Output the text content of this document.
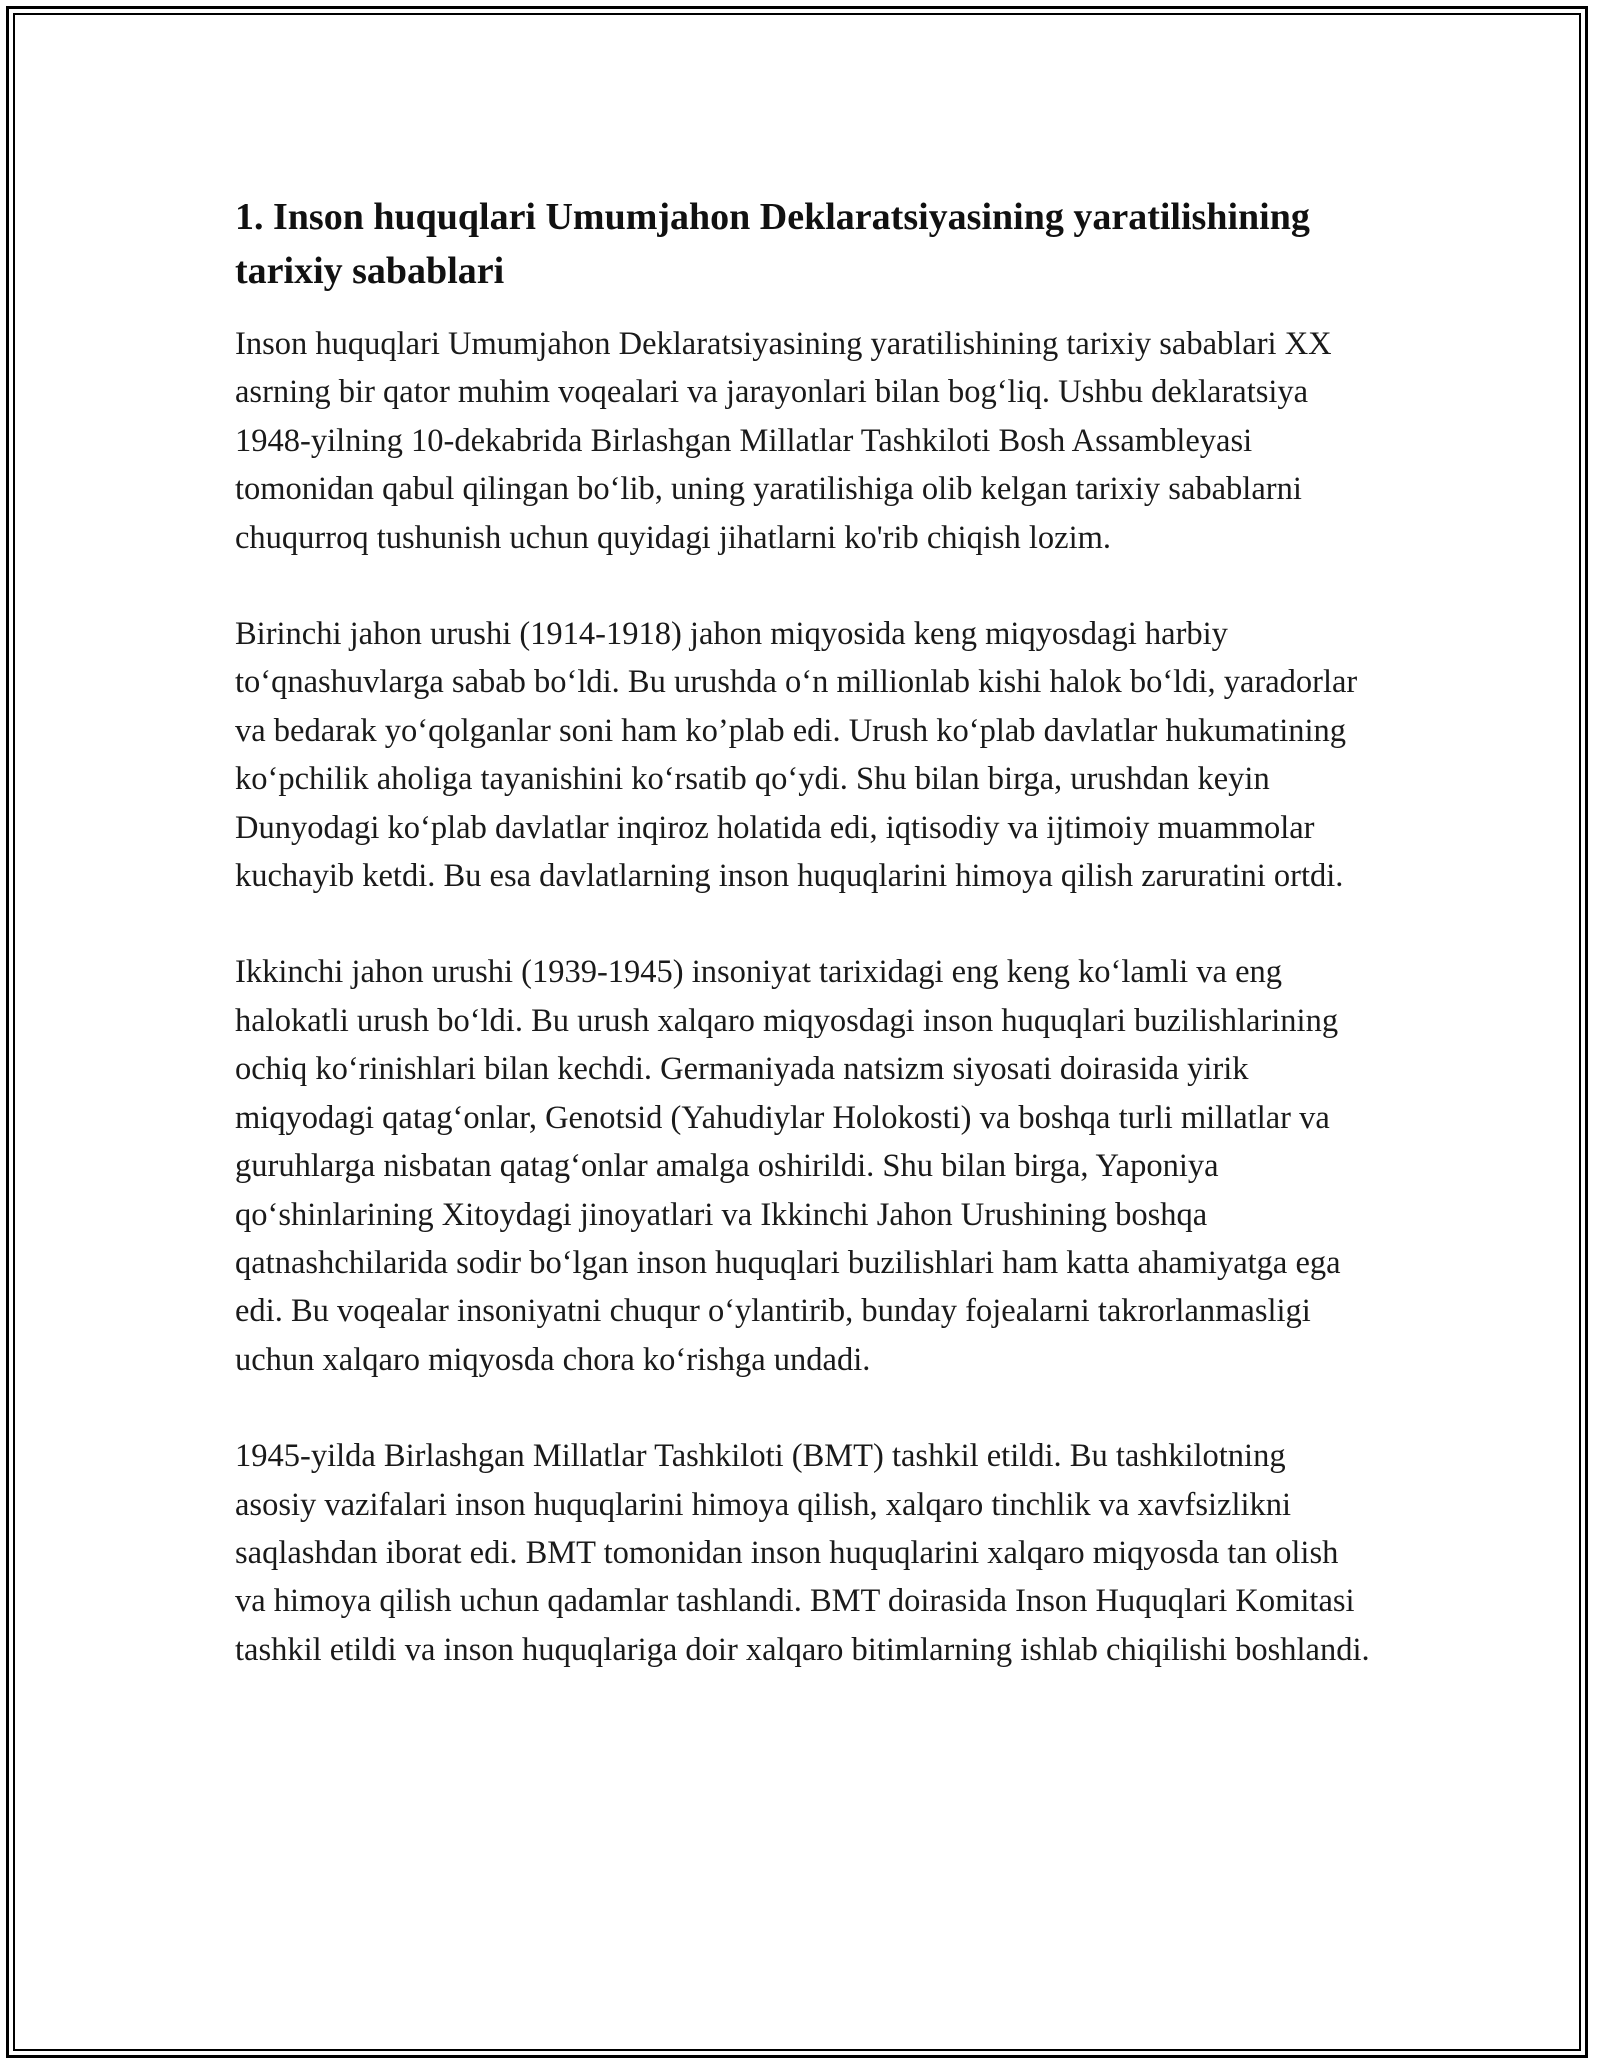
1. Inson huquqlari Umumjahon Deklaratsiyasining yaratilishining tarixiy sabablari

Inson huquqlari Umumjahon Deklaratsiyasining yaratilishining tarixiy sabablari XX asrning bir qator muhim voqealari va jarayonlari bilan bog‘liq. Ushbu deklaratsiya 1948-yilning 10-dekabrida Birlashgan Millatlar Tashkiloti Bosh Assambleyasi tomonidan qabul qilingan bo‘lib, uning yaratilishiga olib kelgan tarixiy sabablarni chuqurroq tushunish uchun quyidagi jihatlarni ko'rib chiqish lozim.

Birinchi jahon urushi (1914-1918) jahon miqyosida keng miqyosdagi harbiy to‘qnashuvlarga sabab bo‘ldi. Bu urushda o‘n millionlab kishi halok bo‘ldi, yaradorlar va bedarak yo‘qolganlar soni ham ko’plab edi. Urush ko‘plab davlatlar hukumatining ko‘pchilik aholiga tayanishini ko‘rsatib qo‘ydi. Shu bilan birga, urushdan keyin Dunyodagi ko‘plab davlatlar inqiroz holatida edi, iqtisodiy va ijtimoiy muammolar kuchayib ketdi. Bu esa davlatlarning inson huquqlarini himoya qilish zaruratini ortdi.

Ikkinchi jahon urushi (1939-1945) insoniyat tarixidagi eng keng ko‘lamli va eng halokatli urush bo‘ldi. Bu urush xalqaro miqyosdagi inson huquqlari buzilishlarining ochiq ko‘rinishlari bilan kechdi. Germaniyada natsizm siyosati doirasida yirik miqyodagi qatag‘onlar, Genotsid (Yahudiylar Holokosti) va boshqa turli millatlar va guruhlarga nisbatan qatag‘onlar amalga oshirildi. Shu bilan birga, Yaponiya qo‘shinlarining Xitoydagi jinoyatlari va Ikkinchi Jahon Urushining boshqa qatnashchilarida sodir bo‘lgan inson huquqlari buzilishlari ham katta ahamiyatga ega edi. Bu voqealar insoniyatni chuqur o‘ylantirib, bunday fojealarni takrorlanmasligi uchun xalqaro miqyosda chora ko‘rishga undadi.

1945-yilda Birlashgan Millatlar Tashkiloti (BMT) tashkil etildi. Bu tashkilotning asosiy vazifalari inson huquqlarini himoya qilish, xalqaro tinchlik va xavfsizlikni saqlashdan iborat edi. BMT tomonidan inson huquqlarini xalqaro miqyosda tan olish va himoya qilish uchun qadamlar tashlandi. BMT doirasida Inson Huquqlari Komitasi tashkil etildi va inson huquqlariga doir xalqaro bitimlarning ishlab chiqilishi boshlandi.
